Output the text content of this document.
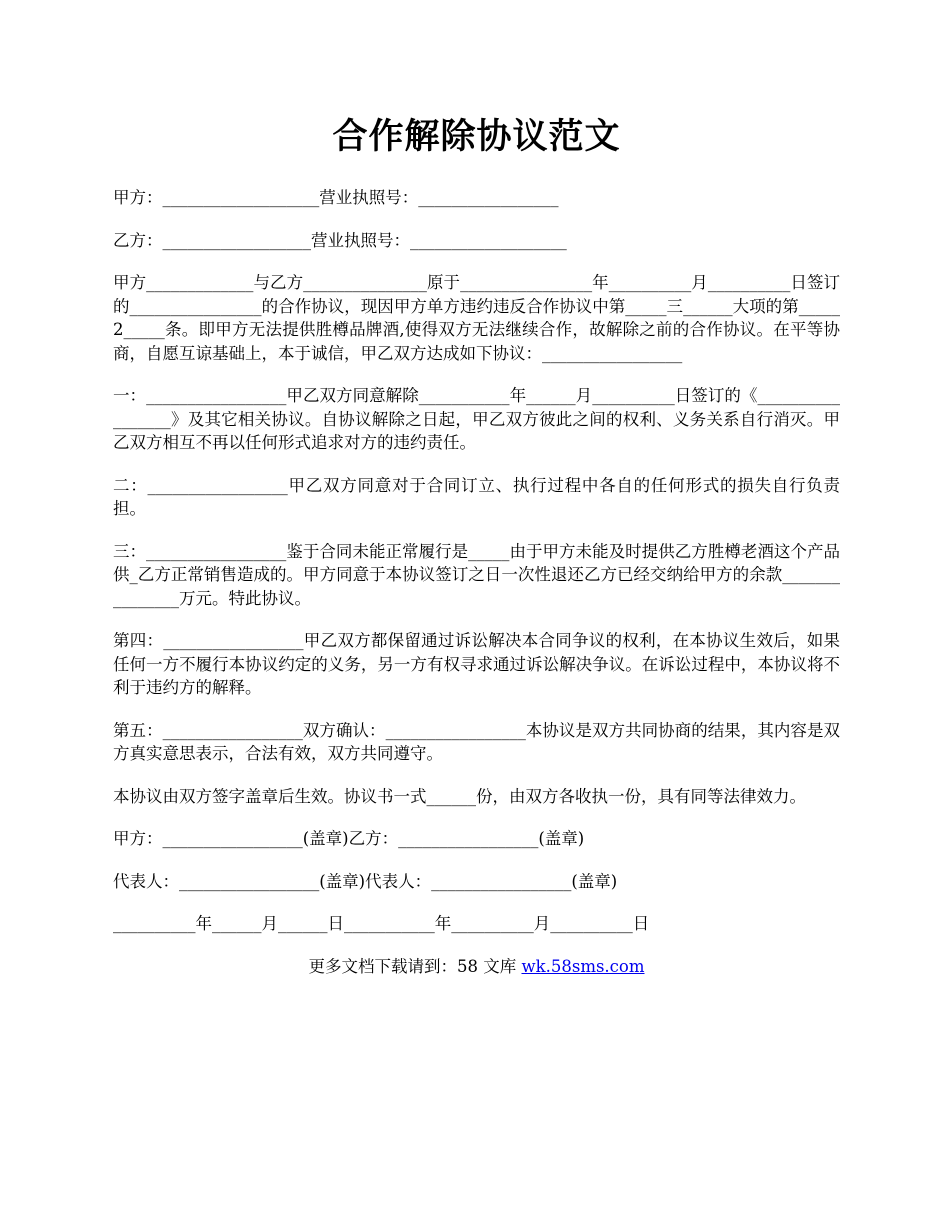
合作解除协议范文

甲方：___________________营业执照号：_________________

乙方：__________________营业执照号：___________________

甲方_____________与乙方_______________原于________________年__________月__________日签订的________________的合作协议，现因甲方单方违约违反合作协议中第_____三______大项的第_____2_____条。即甲方无法提供胜樽品牌酒,使得双方无法继续合作，故解除之前的合作协议。在平等协商，自愿互谅基础上，本于诚信，甲乙双方达成如下协议：_________________

一：_________________甲乙双方同意解除___________年______月__________日签订的《_________________》及其它相关协议。自协议解除之日起，甲乙双方彼此之间的权利、义务关系自行消灭。甲乙双方相互不再以任何形式追求对方的违约责任。

二：_________________甲乙双方同意对于合同订立、执行过程中各自的任何形式的损失自行负责担。

三：_________________鉴于合同未能正常履行是_____由于甲方未能及时提供乙方胜樽老酒这个产品供_乙方正常销售造成的。甲方同意于本协议签订之日一次性退还乙方已经交纳给甲方的余款_______________万元。特此协议。

第四：_________________甲乙双方都保留通过诉讼解决本合同争议的权利，在本协议生效后，如果任何一方不履行本协议约定的义务，另一方有权寻求通过诉讼解决争议。在诉讼过程中，本协议将不利于违约方的解释。

第五：_________________双方确认：_________________本协议是双方共同协商的结果，其内容是双方真实意思表示，合法有效，双方共同遵守。

本协议由双方签字盖章后生效。协议书一式______份，由双方各收执一份，具有同等法律效力。

甲方：_________________(盖章)乙方：_________________(盖章)

代表人：_________________(盖章)代表人：_________________(盖章)

__________年______月______日___________年__________月__________日

更多文档下载请到：58 文库 wk.58sms.com
